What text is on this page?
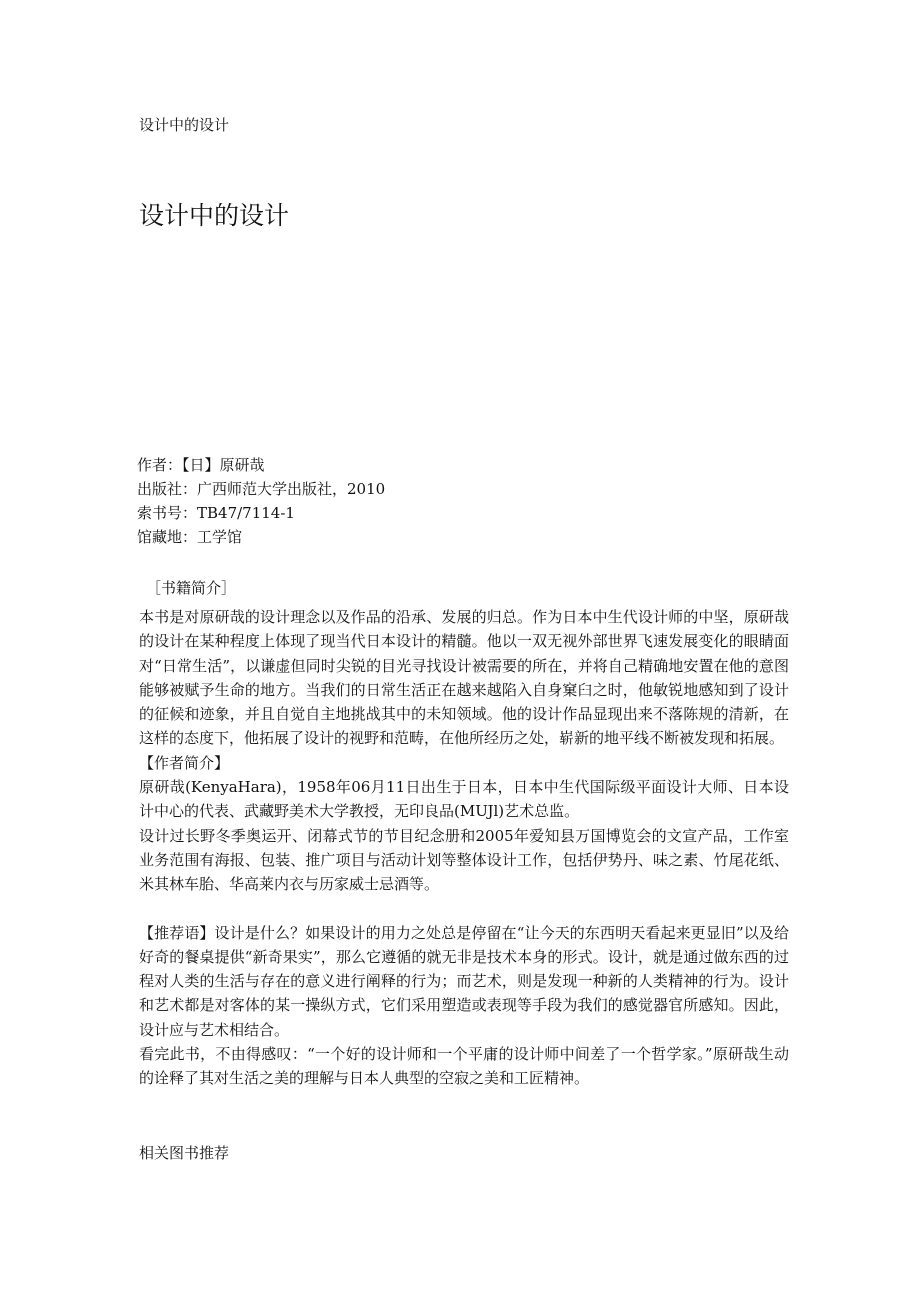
设计中的设计
设计中的设计
作者：【日】原研哉
出版社：广西师范大学出版社，2010
索书号：TB47/7114-1
馆藏地：工学馆
［书籍简介］

本书是对原研哉的设计理念以及作品的沿承、发展的归总。作为日本中生代设计师的中坚，原研哉的设计在某种程度上体现了现当代日本设计的精髓。他以一双无视外部世界飞速发展变化的眼睛面对“日常生活”，以谦虚但同时尖锐的目光寻找设计被需要的所在，并将自己精确地安置在他的意图能够被赋予生命的地方。当我们的日常生活正在越来越陷入自身窠臼之时，他敏锐地感知到了设计的征候和迹象，并且自觉自主地挑战其中的未知领域。他的设计作品显现出来不落陈规的清新，在这样的态度下，他拓展了设计的视野和范畴，在他所经历之处，崭新的地平线不断被发现和拓展。

【作者简介】

原研哉(KenyaHara)，1958年06月11日出生于日本，日本中生代国际级平面设计大师、日本设计中心的代表、武藏野美术大学教授，无印良品(MUJl)艺术总监。

设计过长野冬季奥运开、闭幕式节的节目纪念册和2005年爱知县万国博览会的文宣产品，工作室业务范围有海报、包装、推广项目与活动计划等整体设计工作，包括伊势丹、味之素、竹尾花纸、米其林车胎、华高莱内衣与历家威士忌酒等。

【推荐语】设计是什么？如果设计的用力之处总是停留在“让今天的东西明天看起来更显旧”以及给好奇的餐桌提供“新奇果实”，那么它遵循的就无非是技术本身的形式。设计，就是通过做东西的过程对人类的生活与存在的意义进行阐释的行为；而艺术，则是发现一种新的人类精神的行为。设计和艺术都是对客体的某一操纵方式，它们采用塑造或表现等手段为我们的感觉器官所感知。因此，设计应与艺术相结合。

看完此书，不由得感叹：“一个好的设计师和一个平庸的设计师中间差了一个哲学家。”原研哉生动的诠释了其对生活之美的理解与日本人典型的空寂之美和工匠精神。

相关图书推荐
